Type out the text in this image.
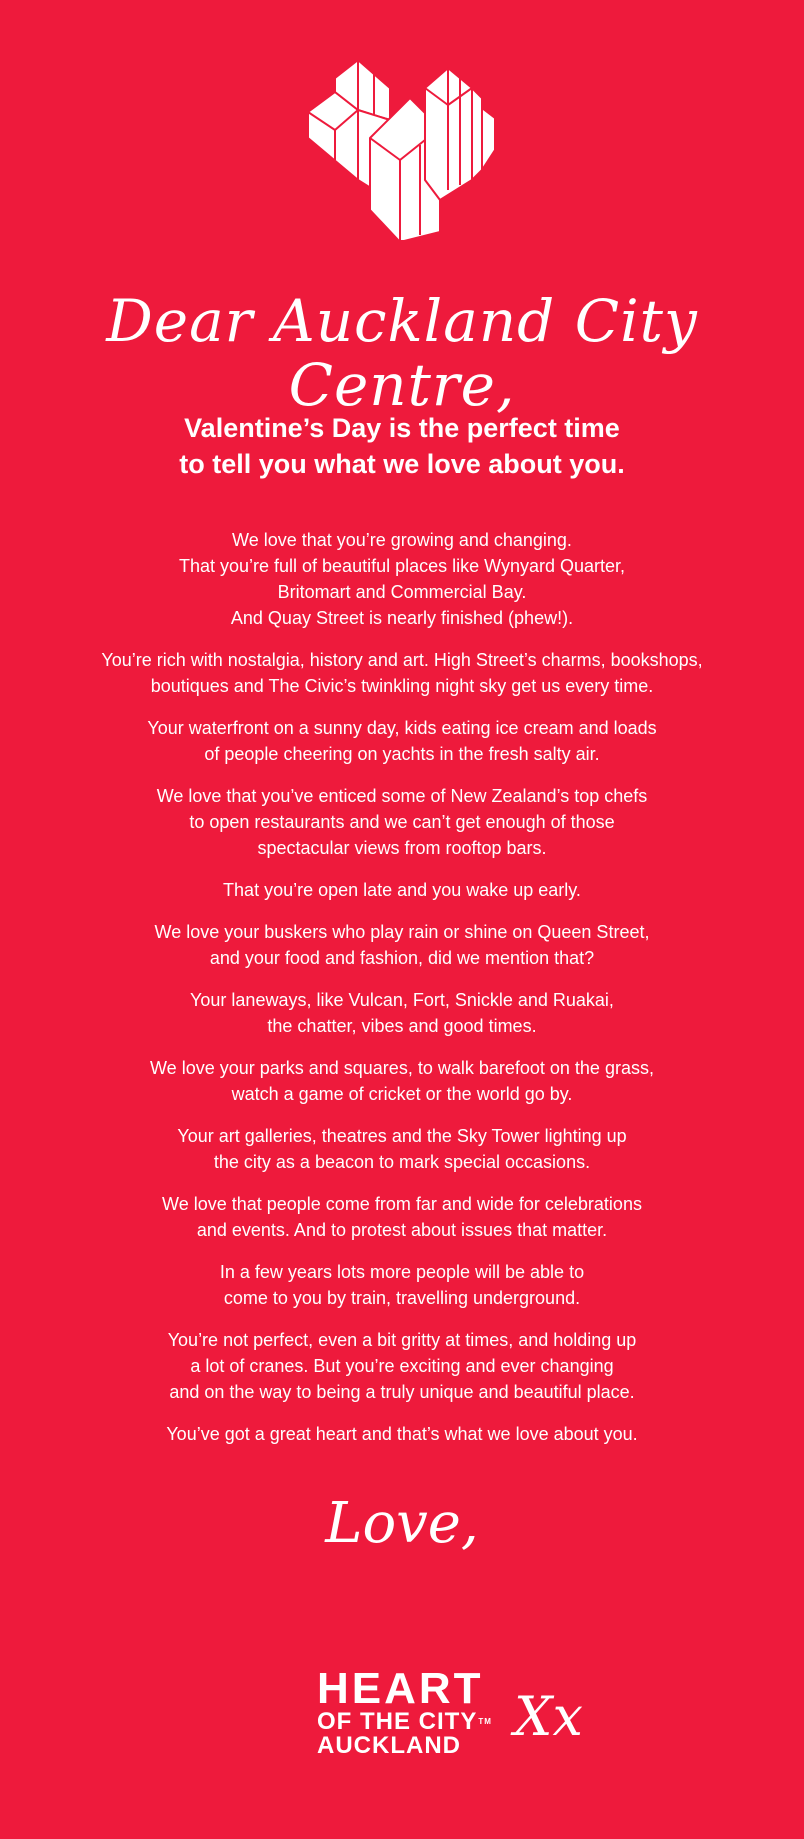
Dear Auckland City Centre,
Valentine’s Day is the perfect time
to tell you what we love about you.

We love that you’re growing and changing.
That you’re full of beautiful places like Wynyard Quarter,
Britomart and Commercial Bay.
And Quay Street is nearly finished (phew!).

You’re rich with nostalgia, history and art. High Street’s charms, bookshops,
boutiques and The Civic’s twinkling night sky get us every time.

Your waterfront on a sunny day, kids eating ice cream and loads
of people cheering on yachts in the fresh salty air.

We love that you’ve enticed some of New Zealand’s top chefs
to open restaurants and we can’t get enough of those
spectacular views from rooftop bars.

That you’re open late and you wake up early.

We love your buskers who play rain or shine on Queen Street,
and your food and fashion, did we mention that?

Your laneways, like Vulcan, Fort, Snickle and Ruakai,
the chatter, vibes and good times.

We love your parks and squares, to walk barefoot on the grass,
watch a game of cricket or the world go by.

Your art galleries, theatres and the Sky Tower lighting up
the city as a beacon to mark special occasions.

We love that people come from far and wide for celebrations
and events. And to protest about issues that matter.

In a few years lots more people will be able to
come to you by train, travelling underground.

You’re not perfect, even a bit gritty at times, and holding up
a lot of cranes. But you’re exciting and ever changing
and on the way to being a truly unique and beautiful place.

You’ve got a great heart and that’s what we love about you.

Love,
HEART
OF THE CITY™
AUCKLAND Xx
